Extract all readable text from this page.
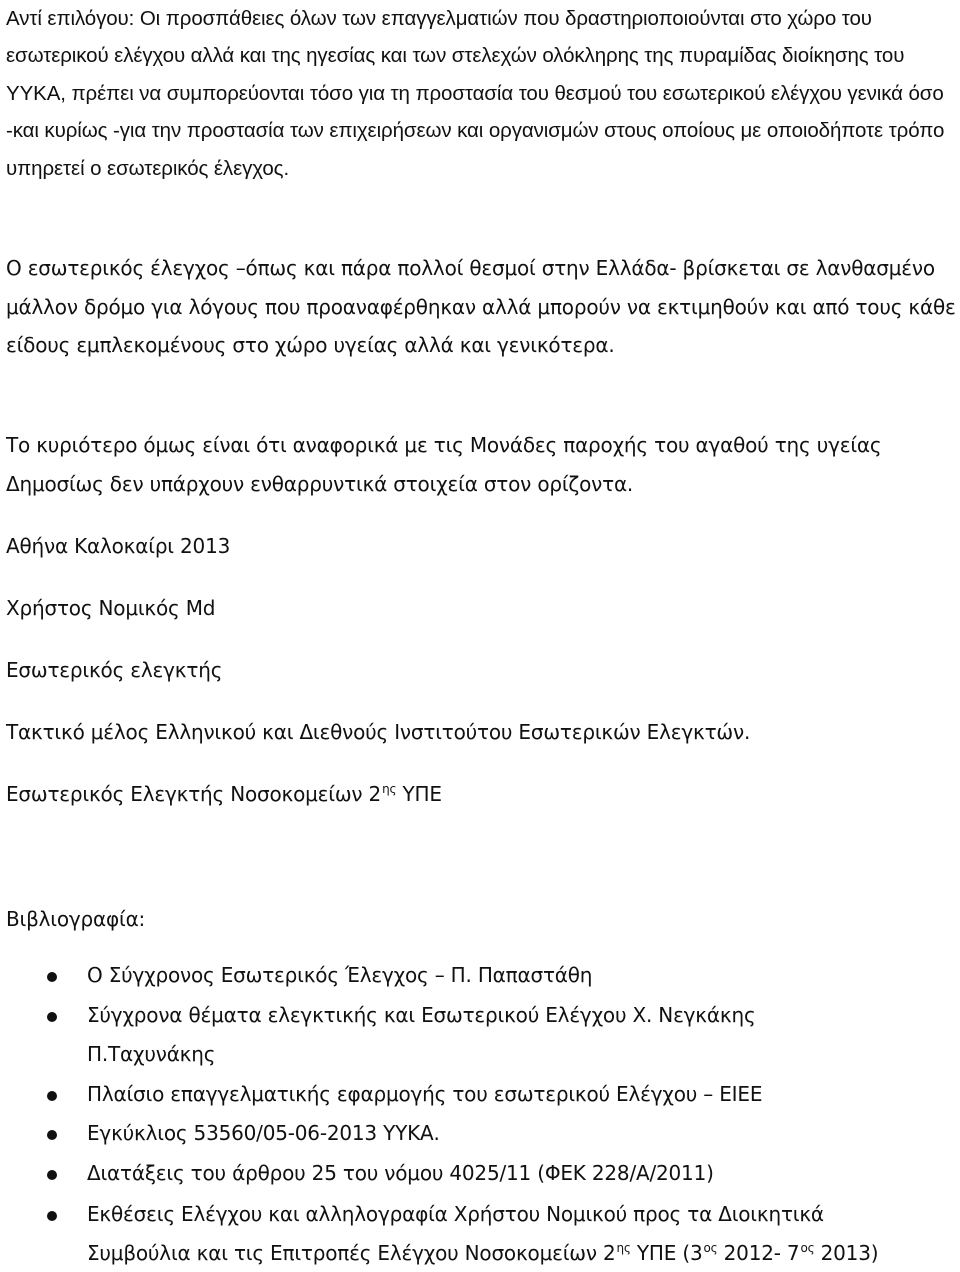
Αντί επιλόγου: Οι προσπάθειες όλων των επαγγελματιών που δραστηριοποιούνται στο χώρο του εσωτερικού ελέγχου αλλά και της ηγεσίας και των στελεχών ολόκληρης της πυραμίδας διοίκησης του ΥΥΚΑ, πρέπει να συμπορεύονται τόσο για τη προστασία του θεσμού του εσωτερικού ελέγχου γενικά όσο -και κυρίως -για την προστασία των επιχειρήσεων και οργανισμών στους οποίους με οποιοδήποτε τρόπο υπηρετεί ο εσωτερικός έλεγχος.

Ο εσωτερικός έλεγχος –όπως και πάρα πολλοί θεσμοί στην Ελλάδα- βρίσκεται σε λανθασμένο μάλλον δρόμο για λόγους που προαναφέρθηκαν αλλά μπορούν να εκτιμηθούν και από τους κάθε είδους εμπλεκομένους στο χώρο υγείας αλλά και γενικότερα.

Το κυριότερο όμως είναι ότι αναφορικά με τις Μονάδες παροχής του αγαθού της υγείας Δημοσίως δεν υπάρχουν ενθαρρυντικά στοιχεία στον ορίζοντα.

Αθήνα Καλοκαίρι 2013

Χρήστος Νομικός Md

Εσωτερικός ελεγκτής

Τακτικό μέλος Ελληνικού και Διεθνούς Ινστιτούτου Εσωτερικών Ελεγκτών.

Εσωτερικός Ελεγκτής Νοσοκομείων $2^{\eta\varsigma}$ ΥΠΕ

Βιβλιογραφία:

Ο Σύγχρονος Εσωτερικός Έλεγχος – Π. Παπαστάθη
Σύγχρονα θέματα ελεγκτικής και Εσωτερικού Ελέγχου Χ. Νεγκάκης Π.Ταχυνάκης
Πλαίσιο επαγγελματικής εφαρμογής του εσωτερικού Ελέγχου – ΕΙΕΕ
Εγκύκλιος 53560/05-06-2013 ΥΥΚΑ.
Διατάξεις του άρθρου 25 του νόμου 4025/11 (ΦΕΚ 228/Α/2011)
Εκθέσεις Ελέγχου και αλληλογραφία Χρήστου Νομικού προς τα Διοικητικά Συμβούλια και τις Επιτροπές Ελέγχου Νοσοκομείων $2^{\eta\varsigma}$ ΥΠΕ ($3^{o\varsigma}$ 2012- $7^{o\varsigma}$ 2013)
